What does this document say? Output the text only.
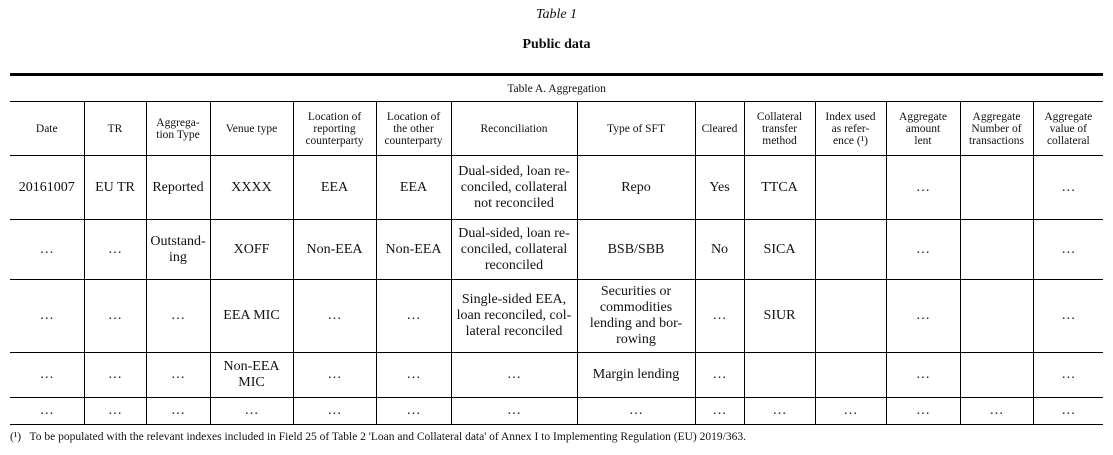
Table 1
Public data
Table A. Aggregation													
Date	TR	Aggrega-
tion Type	Venue type	Location of
reporting
counterparty	Location of
the other
counterparty	Reconciliation	Type of SFT	Cleared	Collateral
transfer
method	Index used
as refer-
ence (¹)	Aggregate
amount
lent	Aggregate
Number of
transactions	Aggregate
value of
collateral
20161007	EU TR	Reported	XXXX	EEA	EEA	Dual-sided, loan re-
conciled, collateral
not reconciled	Repo	Yes	TTCA		…		…
…	…	Outstand-
ing	XOFF	Non-EEA	Non-EEA	Dual-sided, loan re-
conciled, collateral
reconciled	BSB/SBB	No	SICA		…		…
…	…	…	EEA MIC	…	…	Single-sided EEA,
loan reconciled, col-
lateral reconciled	Securities or
commodities
lending and bor-
rowing	…	SIUR		…		…
…	…	…	Non-EEA
MIC	…	…	…	Margin lending	…			…		…
…	…	…	…	…	…	…	…	…	…	…	…	…	…
(¹) To be populated with the relevant indexes included in Field 25 of Table 2 'Loan and Collateral data' of Annex I to Implementing Regulation (EU) 2019/363.
